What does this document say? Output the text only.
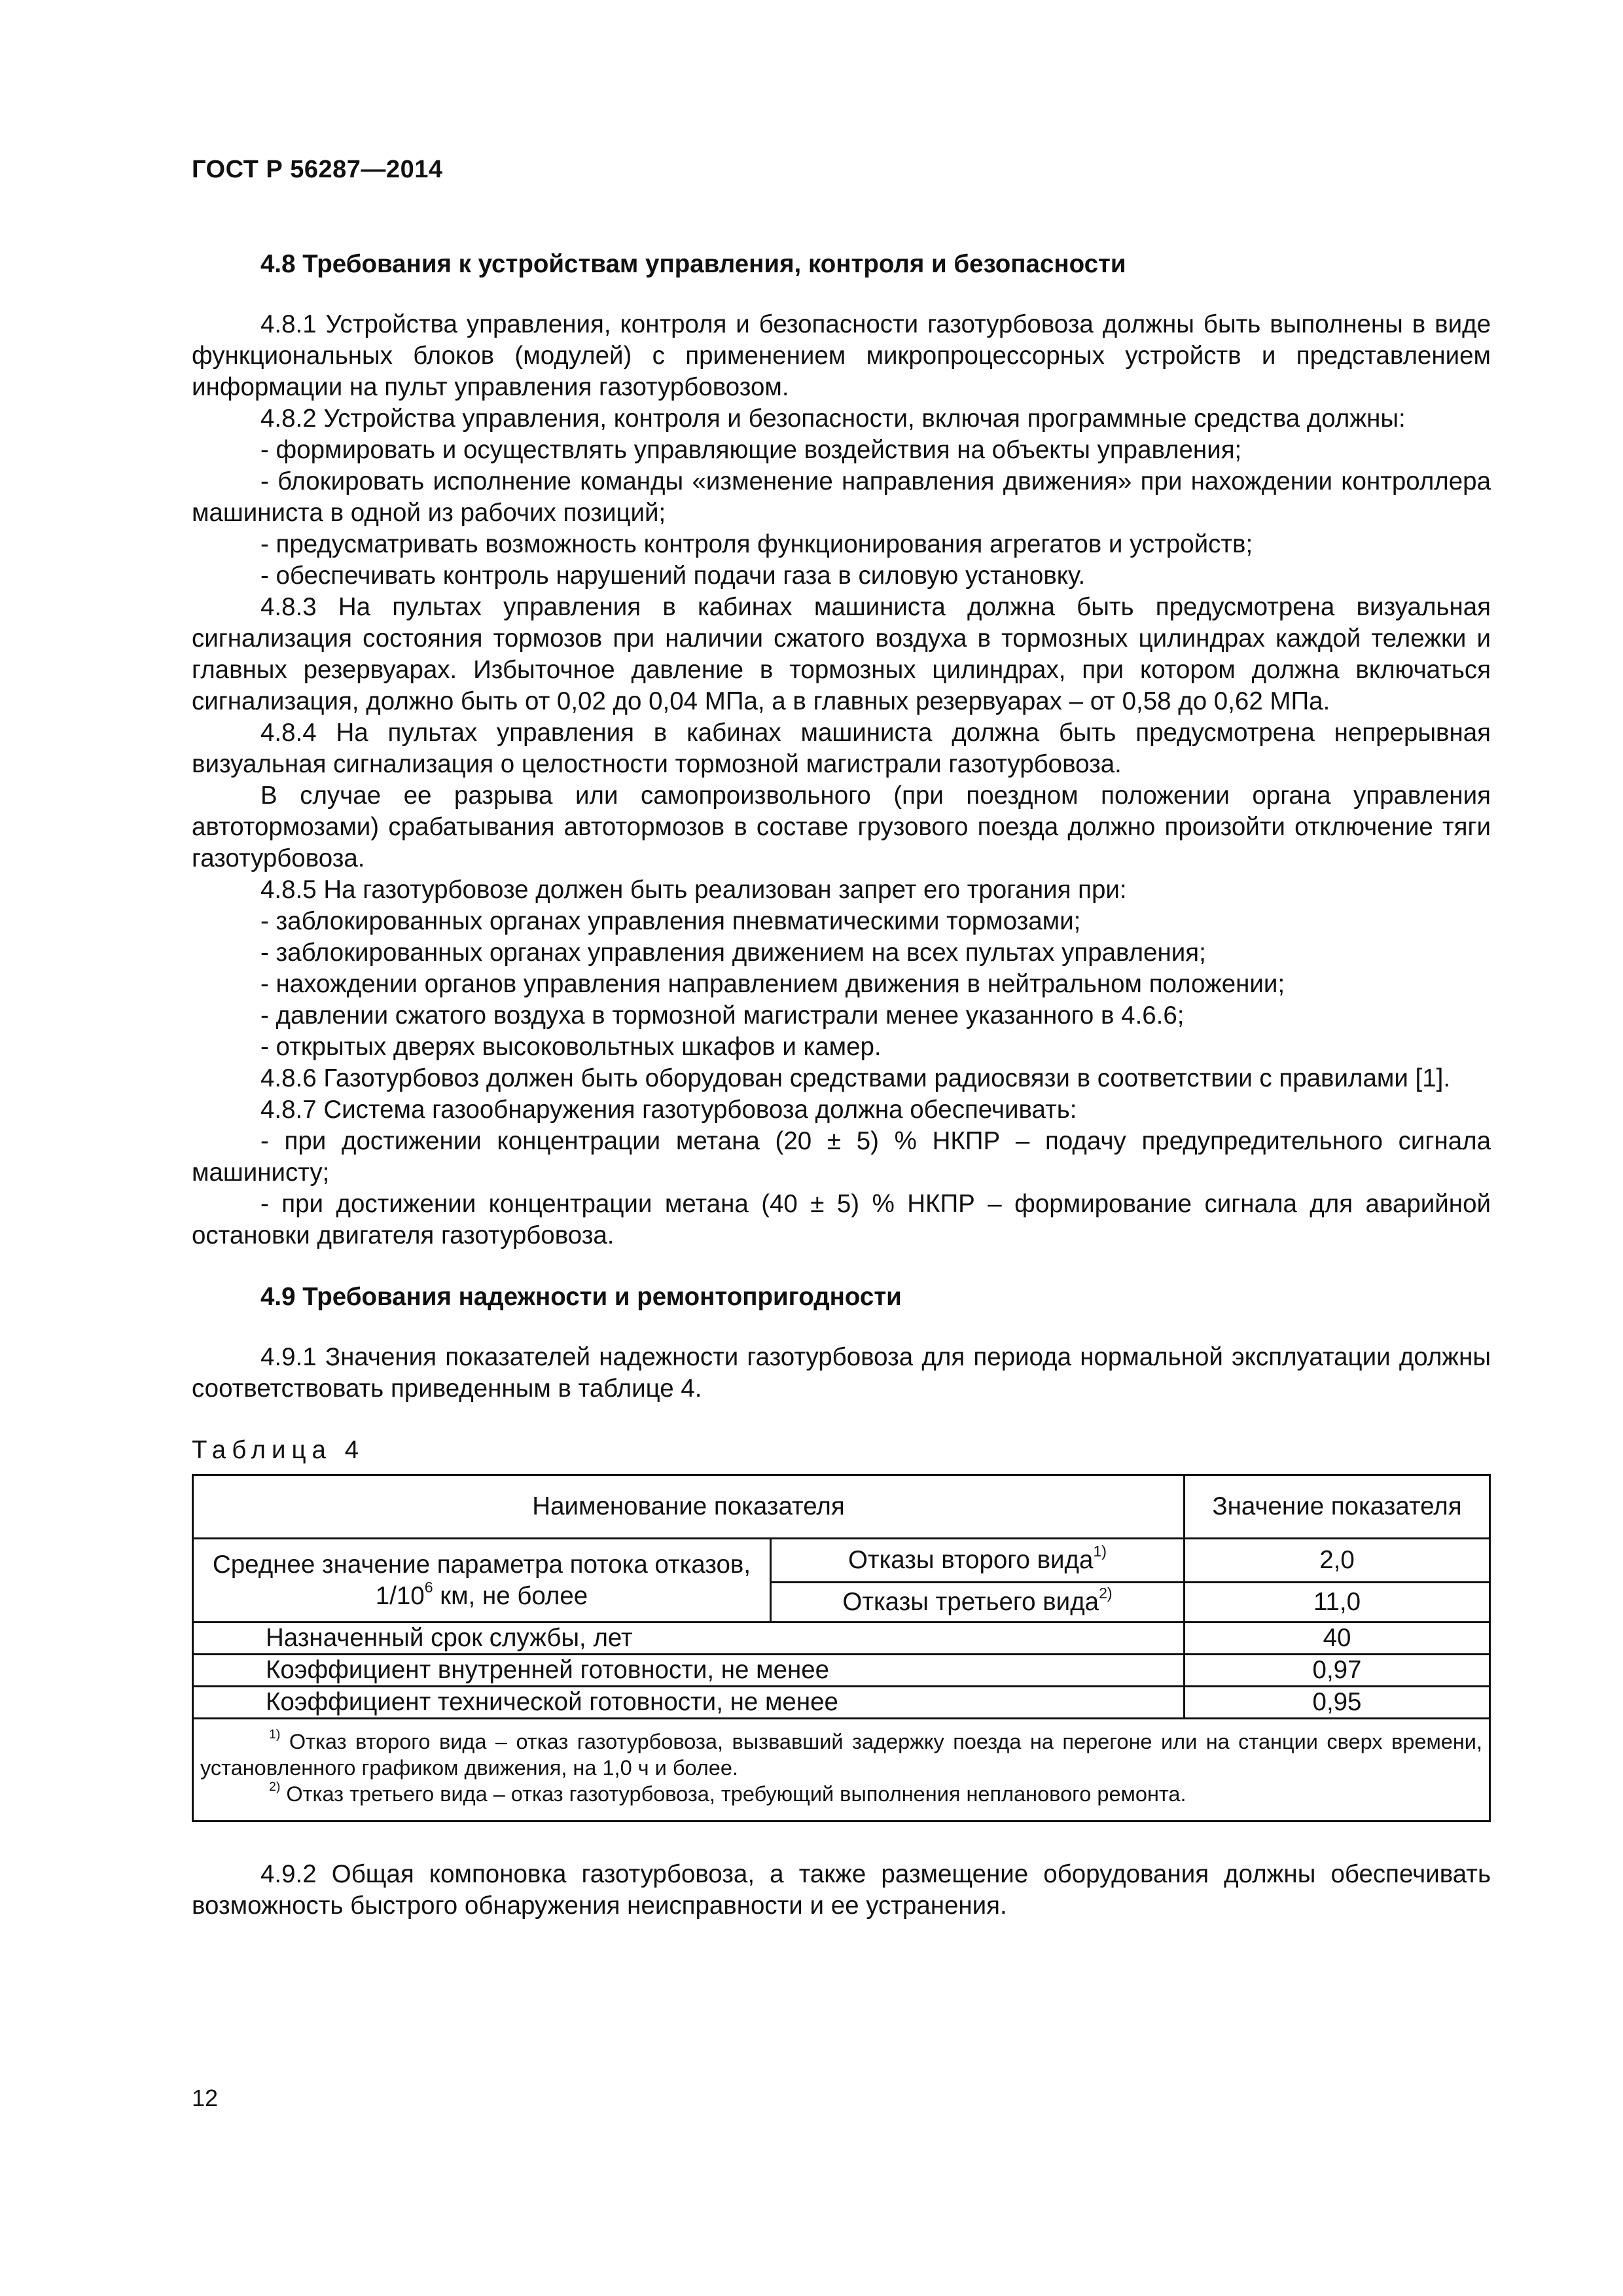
ГОСТ Р 56287—2014

4.8 Требования к устройствам управления, контроля и безопасности

4.8.1 Устройства управления, контроля и безопасности газотурбовоза должны быть выполнены в виде функциональных блоков (модулей) с применением микропроцессорных устройств и представлением информации на пульт управления газотурбовозом.

4.8.2 Устройства управления, контроля и безопасности, включая программные средства должны:

- формировать и осуществлять управляющие воздействия на объекты управления;

- блокировать исполнение команды «изменение направления движения» при нахождении контроллера машиниста в одной из рабочих позиций;

- предусматривать возможность контроля функционирования агрегатов и устройств;

- обеспечивать контроль нарушений подачи газа в силовую установку.

4.8.3 На пультах управления в кабинах машиниста должна быть предусмотрена визуальная сигнализация состояния тормозов при наличии сжатого воздуха в тормозных цилиндрах каждой тележки и главных резервуарах. Избыточное давление в тормозных цилиндрах, при котором должна включаться сигнализация, должно быть от 0,02 до 0,04 МПа, а в главных резервуарах – от 0,58 до 0,62 МПа.

4.8.4 На пультах управления в кабинах машиниста должна быть предусмотрена непрерывная визуальная сигнализация о целостности тормозной магистрали газотурбовоза.

В случае ее разрыва или самопроизвольного (при поездном положении органа управления автотормозами) срабатывания автотормозов в составе грузового поезда должно произойти отключение тяги газотурбовоза.

4.8.5 На газотурбовозе должен быть реализован запрет его трогания при:

- заблокированных органах управления пневматическими тормозами;

- заблокированных органах управления движением на всех пультах управления;

- нахождении органов управления направлением движения в нейтральном положении;

- давлении сжатого воздуха в тормозной магистрали менее указанного в 4.6.6;

- открытых дверях высоковольтных шкафов и камер.

4.8.6 Газотурбовоз должен быть оборудован средствами радиосвязи в соответствии с правилами [1].

4.8.7 Система газообнаружения газотурбовоза должна обеспечивать:

- при достижении концентрации метана (20 ± 5) % НКПР – подачу предупредительного сигнала машинисту;

- при достижении концентрации метана (40 ± 5) % НКПР – формирование сигнала для аварийной остановки двигателя газотурбовоза.

4.9 Требования надежности и ремонтопригодности

4.9.1 Значения показателей надежности газотурбовоза для периода нормальной эксплуатации должны соответствовать приведенным в таблице 4.

Таблица 4

Наименование показателя		Значение показателя
Среднее значение параметра потока отказов, $1/10^6$ км, не более	Отказы второго вида$^{1)}$	2,0
	Отказы третьего вида$^{2)}$	11,0
Назначенный срок службы, лет		40
Коэффициент внутренней готовности, не менее		0,97
Коэффициент технической готовности, не менее		0,95

$^{1)}$ Отказ второго вида – отказ газотурбовоза, вызвавший задержку поезда на перегоне или на станции сверх времени, установленного графиком движения, на 1,0 ч и более.

$^{2)}$ Отказ третьего вида – отказ газотурбовоза, требующий выполнения непланового ремонта.		

4.9.2 Общая компоновка газотурбовоза, а также размещение оборудования должны обеспечивать возможность быстрого обнаружения неисправности и ее устранения.

12
